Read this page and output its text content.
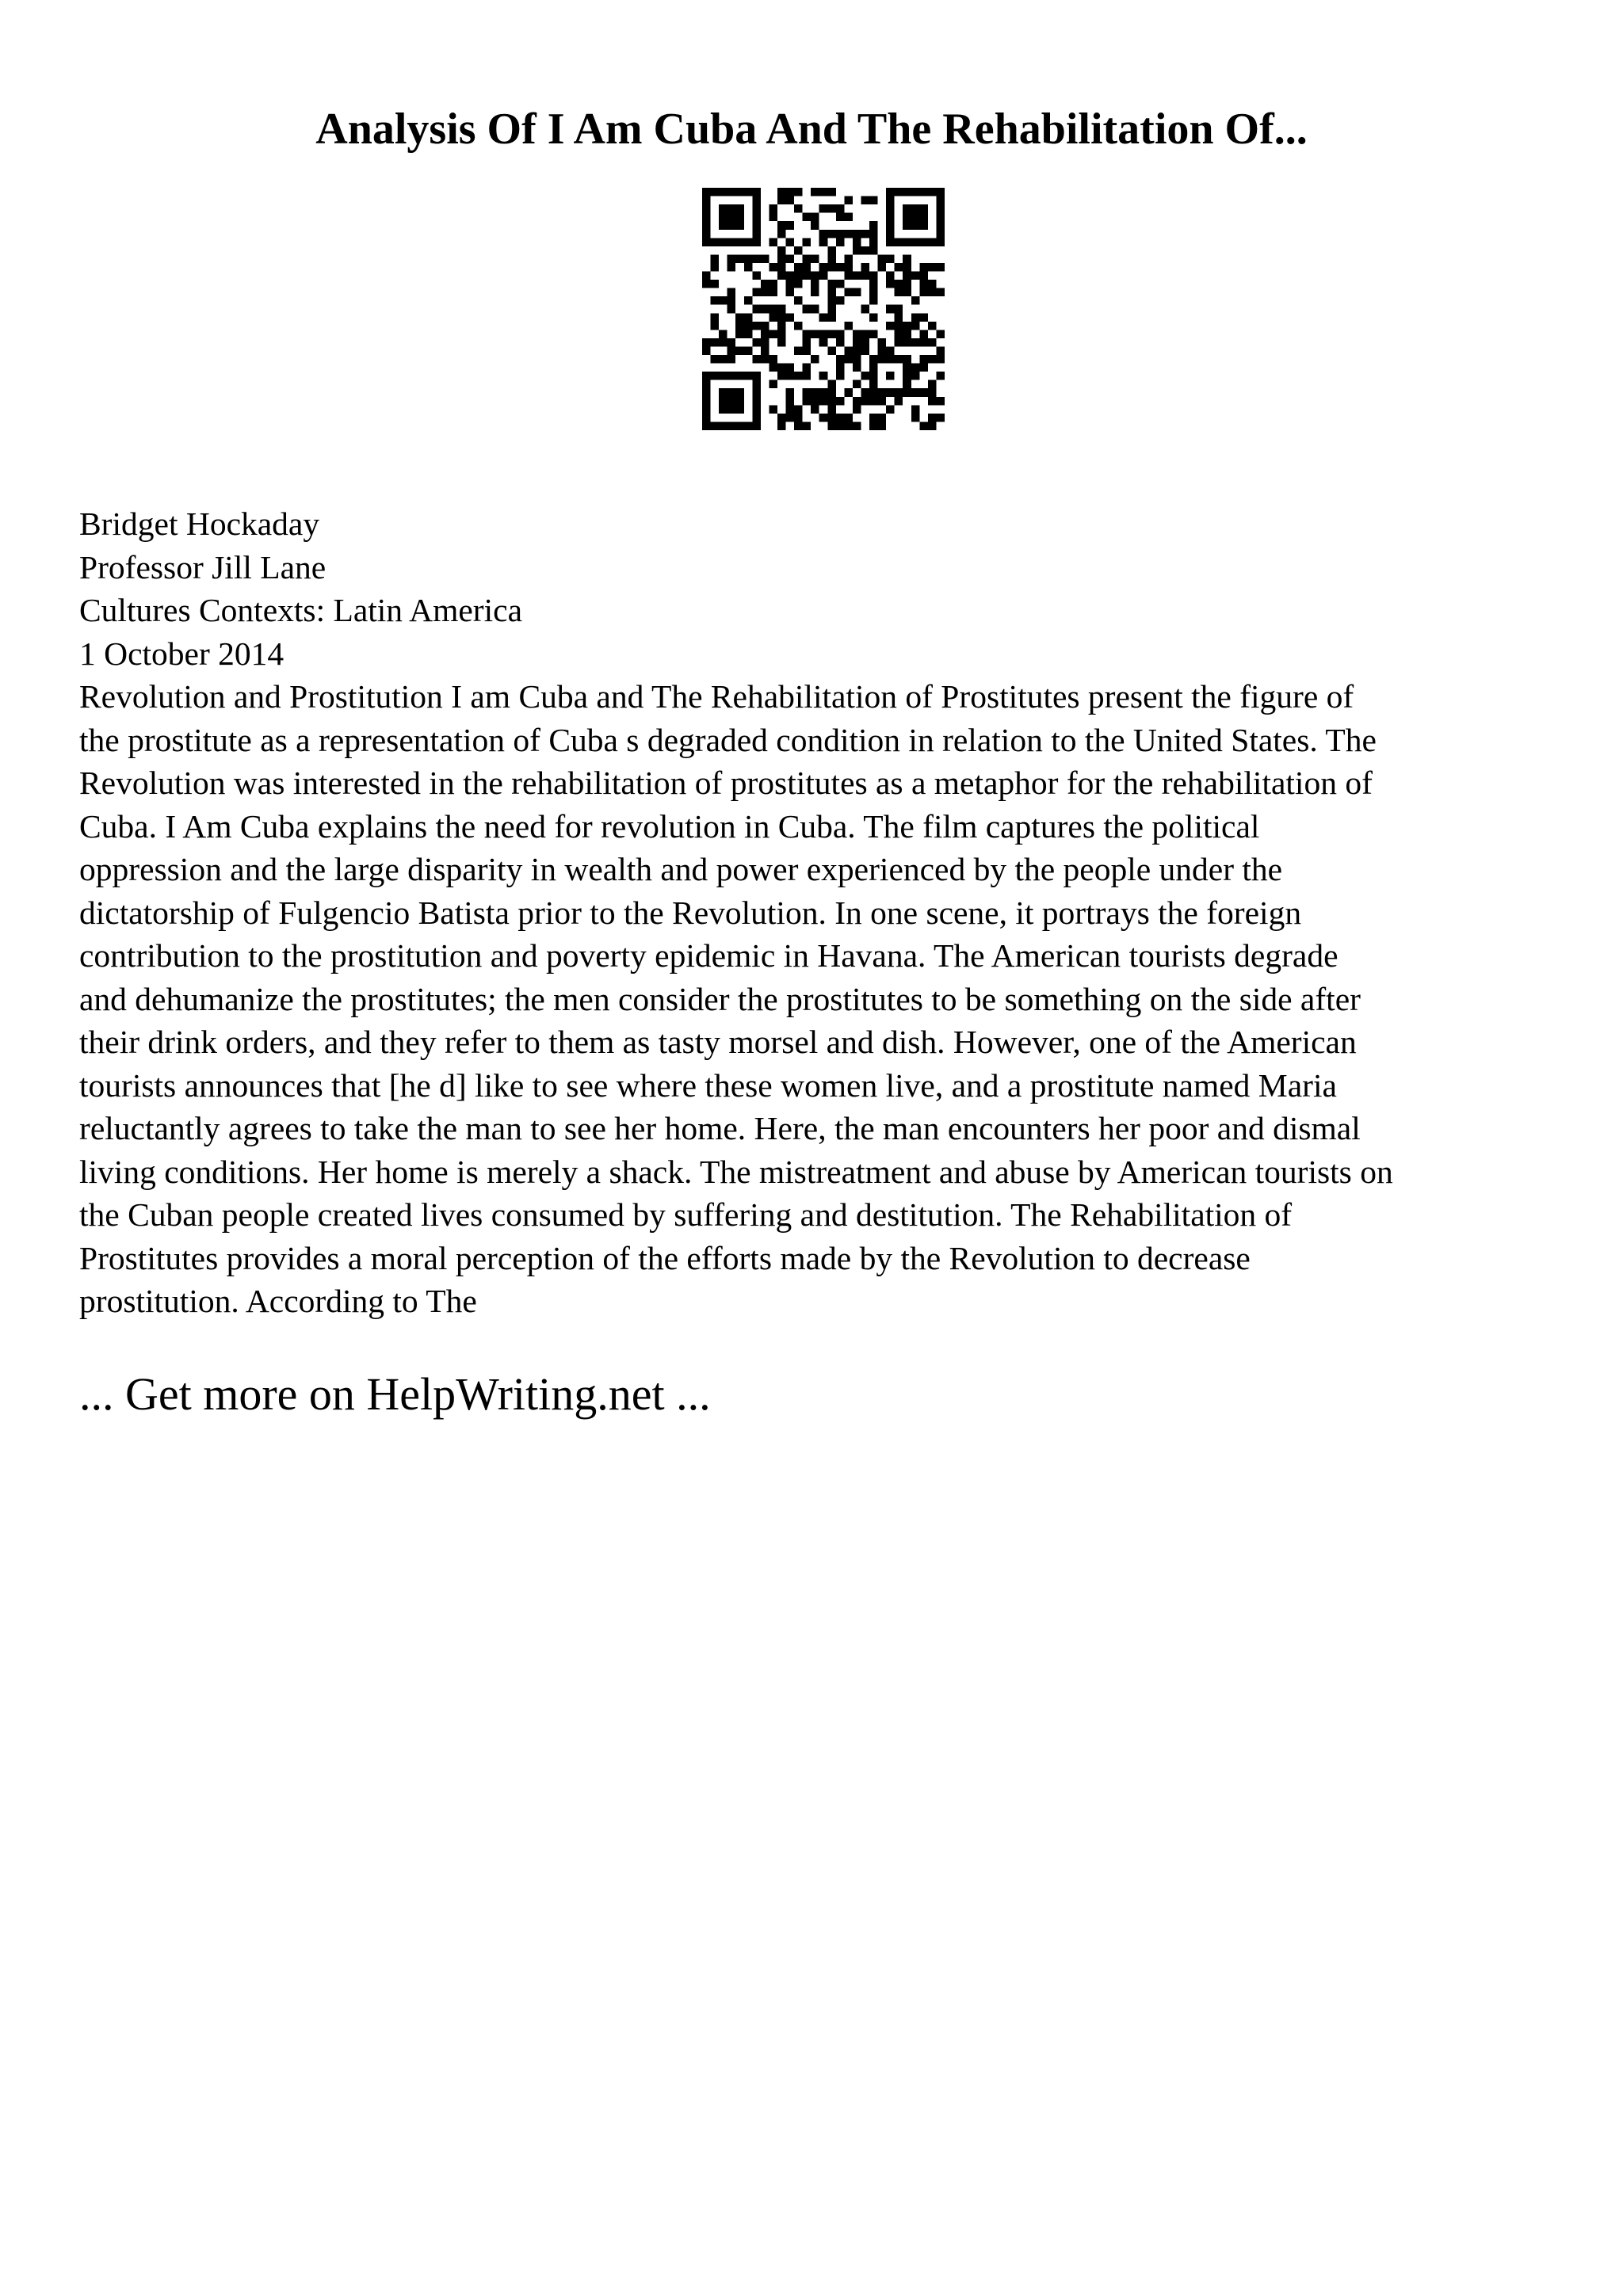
Analysis Of I Am Cuba And The Rehabilitation Of...
Bridget Hockaday
Professor Jill Lane
Cultures Contexts: Latin America
1 October 2014
Revolution and Prostitution I am Cuba and The Rehabilitation of Prostitutes present the figure of
the prostitute as a representation of Cuba s degraded condition in relation to the United States. The
Revolution was interested in the rehabilitation of prostitutes as a metaphor for the rehabilitation of
Cuba. I Am Cuba explains the need for revolution in Cuba. The film captures the political
oppression and the large disparity in wealth and power experienced by the people under the
dictatorship of Fulgencio Batista prior to the Revolution. In one scene, it portrays the foreign
contribution to the prostitution and poverty epidemic in Havana. The American tourists degrade
and dehumanize the prostitutes; the men consider the prostitutes to be something on the side after
their drink orders, and they refer to them as tasty morsel and dish. However, one of the American
tourists announces that [he d] like to see where these women live, and a prostitute named Maria
reluctantly agrees to take the man to see her home. Here, the man encounters her poor and dismal
living conditions. Her home is merely a shack. The mistreatment and abuse by American tourists on
the Cuban people created lives consumed by suffering and destitution. The Rehabilitation of
Prostitutes provides a moral perception of the efforts made by the Revolution to decrease
prostitution. According to The
... Get more on HelpWriting.net ...
